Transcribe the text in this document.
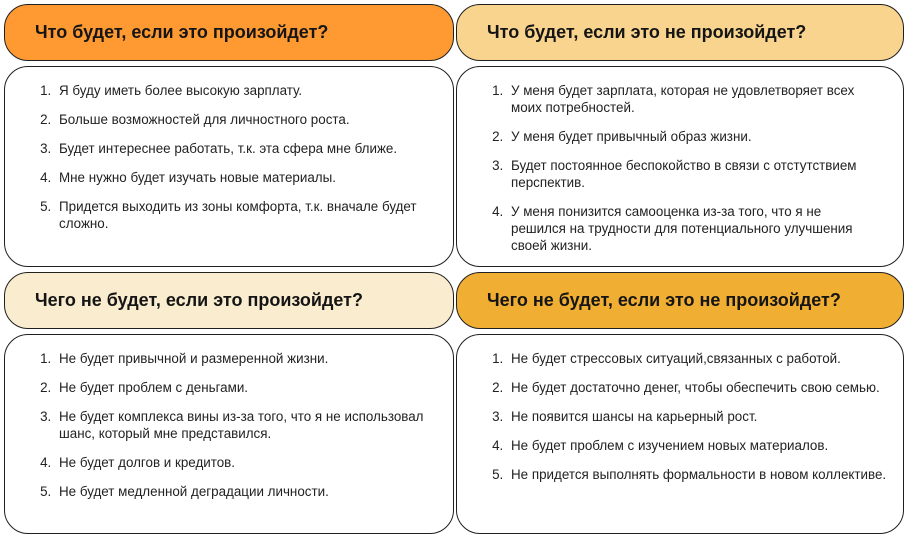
Что будет, если это произойдет?
1. Я буду иметь более высокую зарплату.
2. Больше возможностей для личностного роста.
3. Будет интереснее работать, т.к. эта сфера мне ближе.
4. Мне нужно будет изучать новые материалы.
5. Придется выходить из зоны комфорта, т.к. вначале будет сложно.
Что будет, если это не произойдет?
1. У меня будет зарплата, которая не удовлетворяет всех моих потребностей.
2. У меня будет привычный образ жизни.
3. Будет постоянное беспокойство в связи с отстутствием перспектив.
4. У меня понизится самооценка из-за того, что я не решился на трудности для потенциального улучшения своей жизни.
Чего не будет, если это произойдет?
1. Не будет привычной и размеренной жизни.
2. Не будет проблем с деньгами.
3. Не будет комплекса вины из-за того, что я не использовал шанс, который мне представился.
4. Не будет долгов и кредитов.
5. Не будет медленной деградации личности.
Чего не будет, если это не произойдет?
1. Не будет стрессовых ситуаций,связанных с работой.
2. Не будет достаточно денег, чтобы обеспечить свою семью.
3. Не появится шансы на карьерный рост.
4. Не будет проблем с изучением новых материалов.
5. Не придется выполнять формальности в новом коллективе.
